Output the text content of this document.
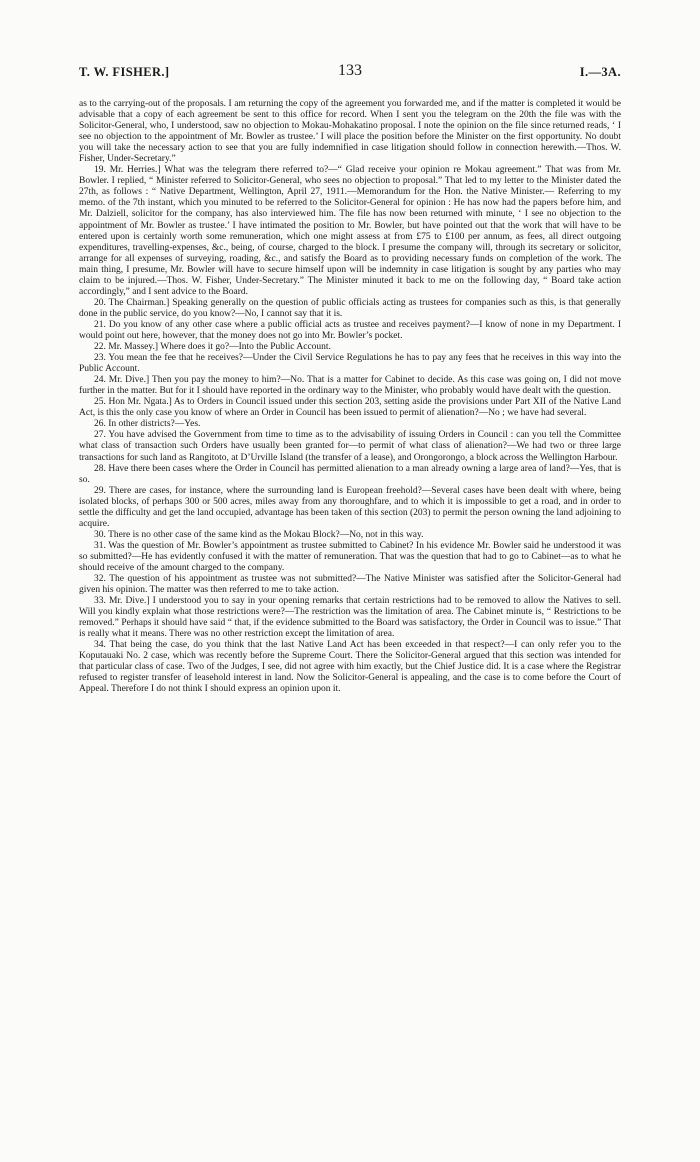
T. W. FISHER.]	133	I.—3A.

as to the carrying-out of the proposals. I am returning the copy of the agreement you forwarded me, and if the matter is completed it would be advisable that a copy of each agreement be sent to this office for record. When I sent you the telegram on the 20th the file was with the Solicitor-General, who, I understood, saw no objection to Mokau-Mohakatino proposal. I note the opinion on the file since returned reads, ‘ I see no objection to the appointment of Mr. Bowler as trustee.’ I will place the position before the Minister on the first opportunity. No doubt you will take the necessary action to see that you are fully indemnified in case litigation should follow in connection herewith.—Thos. W. Fisher, Under-Secretary.”

19. Mr. Herries.] What was the telegram there referred to?—“ Glad receive your opinion re Mokau agreement.” That was from Mr. Bowler. I replied, “ Minister referred to Solicitor-General, who sees no objection to proposal.” That led to my letter to the Minister dated the 27th, as follows : “ Native Department, Wellington, April 27, 1911.—Memorandum for the Hon. the Native Minister.— Referring to my memo. of the 7th instant, which you minuted to be referred to the Solicitor-General for opinion : He has now had the papers before him, and Mr. Dalziell, solicitor for the company, has also interviewed him. The file has now been returned with minute, ‘ I see no objection to the appointment of Mr. Bowler as trustee.’ I have intimated the position to Mr. Bowler, but have pointed out that the work that will have to be entered upon is certainly worth some remuneration, which one might assess at from £75 to £100 per annum, as fees, all direct outgoing expenditures, travelling-expenses, &c., being, of course, charged to the block. I presume the company will, through its secretary or solicitor, arrange for all expenses of surveying, roading, &c., and satisfy the Board as to providing necessary funds on completion of the work. The main thing, I presume, Mr. Bowler will have to secure himself upon will be indemnity in case litigation is sought by any parties who may claim to be injured.—Thos. W. Fisher, Under-Secretary.” The Minister minuted it back to me on the following day, “ Board take action accordingly,” and I sent advice to the Board.

20. The Chairman.] Speaking generally on the question of public officials acting as trustees for companies such as this, is that generally done in the public service, do you know?—No, I cannot say that it is.

21. Do you know of any other case where a public official acts as trustee and receives payment?—I know of none in my Department. I would point out here, however, that the money does not go into Mr. Bowler’s pocket.

22. Mr. Massey.] Where does it go?—Into the Public Account.

23. You mean the fee that he receives?—Under the Civil Service Regulations he has to pay any fees that he receives in this way into the Public Account.

24. Mr. Dive.] Then you pay the money to him?—No. That is a matter for Cabinet to decide. As this case was going on, I did not move further in the matter. But for it I should have reported in the ordinary way to the Minister, who probably would have dealt with the question.

25. Hon Mr. Ngata.] As to Orders in Council issued under this section 203, setting aside the provisions under Part XII of the Native Land Act, is this the only case you know of where an Order in Council has been issued to permit of alienation?—No ; we have had several.

26. In other districts?—Yes.

27. You have advised the Government from time to time as to the advisability of issuing Orders in Council : can you tell the Committee what class of transaction such Orders have usually been granted for—to permit of what class of alienation?—We had two or three large transactions for such land as Rangitoto, at D’Urville Island (the transfer of a lease), and Orongorongo, a block across the Wellington Harbour.

28. Have there been cases where the Order in Council has permitted alienation to a man already owning a large area of land?—Yes, that is so.

29. There are cases, for instance, where the surrounding land is European freehold?—Several cases have been dealt with where, being isolated blocks, of perhaps 300 or 500 acres, miles away from any thoroughfare, and to which it is impossible to get a road, and in order to settle the difficulty and get the land occupied, advantage has been taken of this section (203) to permit the person owning the land adjoining to acquire.

30. There is no other case of the same kind as the Mokau Block?—No, not in this way.

31. Was the question of Mr. Bowler’s appointment as trustee submitted to Cabinet? In his evidence Mr. Bowler said he understood it was so submitted?—He has evidently confused it with the matter of remuneration. That was the question that had to go to Cabinet—as to what he should receive of the amount charged to the company.

32. The question of his appointment as trustee was not submitted?—The Native Minister was satisfied after the Solicitor-General had given his opinion. The matter was then referred to me to take action.

33. Mr. Dive.] I understood you to say in your opening remarks that certain restrictions had to be removed to allow the Natives to sell. Will you kindly explain what those restrictions were?—The restriction was the limitation of area. The Cabinet minute is, “ Restrictions to be removed.” Perhaps it should have said “ that, if the evidence submitted to the Board was satisfactory, the Order in Council was to issue.” That is really what it means. There was no other restriction except the limitation of area.

34. That being the case, do you think that the last Native Land Act has been exceeded in that respect?—I can only refer you to the Koputauaki No. 2 case, which was recently before the Supreme Court. There the Solicitor-General argued that this section was intended for that particular class of case. Two of the Judges, I see, did not agree with him exactly, but the Chief Justice did. It is a case where the Registrar refused to register transfer of leasehold interest in land. Now the Solicitor-General is appealing, and the case is to come before the Court of Appeal. Therefore I do not think I should express an opinion upon it.
